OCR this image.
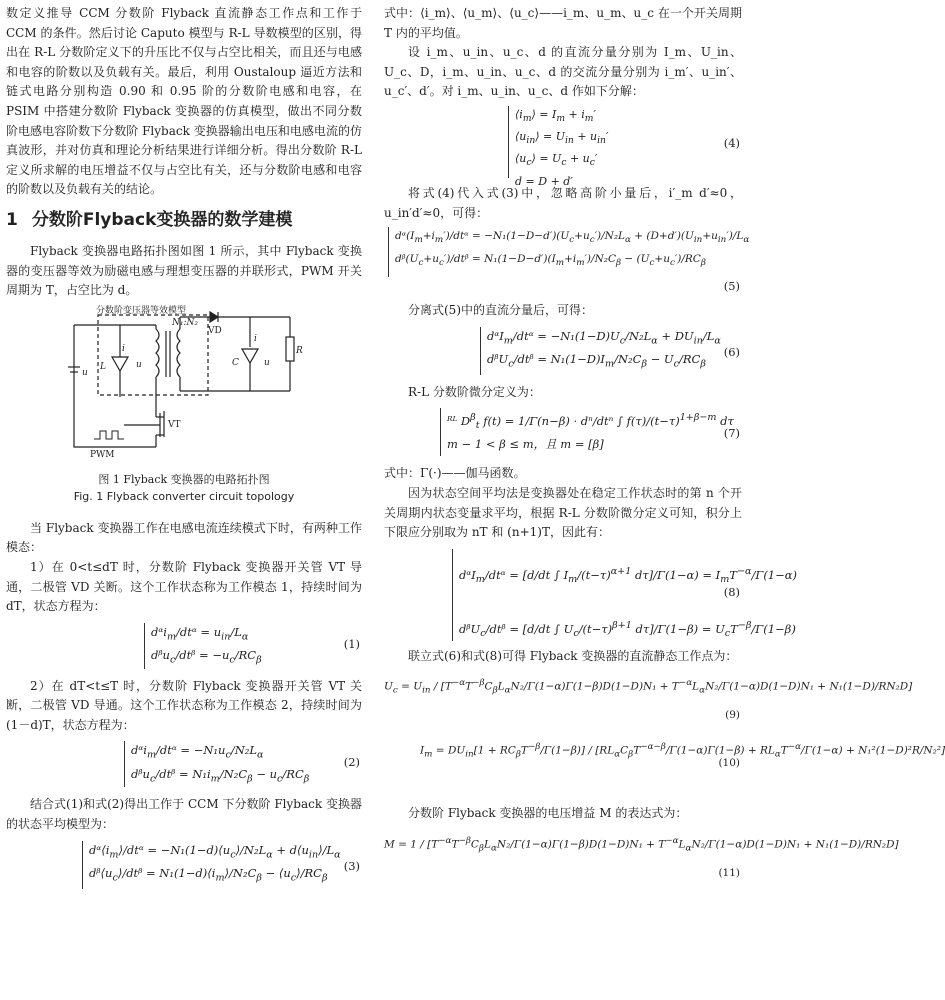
数定义推导 CCM 分数阶 Flyback 直流静态工作点和工作于 CCM 的条件。然后讨论 Caputo 模型与 R-L 导数模型的区别，得出在 R-L 分数阶定义下的升压比不仅与占空比相关，而且还与电感和电容的阶数以及负载有关。最后，利用 Oustaloup 逼近方法和链式电路分别构造 0.90 和 0.95 阶的分数阶电感和电容，在 PSIM 中搭建分数阶 Flyback 变换器的仿真模型，做出不同分数阶电感电容阶数下分数阶 Flyback 变换器输出电压和电感电流的仿真波形，并对仿真和理论分析结果进行详细分析。得出分数阶 R-L 定义所求解的电压增益不仅与占空比有关，还与分数阶电感和电容的阶数以及负载有关的结论。

1 分数阶Flyback变换器的数学建模

Flyback 变换器电路拓扑图如图 1 所示，其中 Flyback 变换器的变压器等效为励磁电感与理想变压器的并联形式，PWM 开关周期为 T，占空比为 d。

分数阶变压器等效模型
N₁:N₂
VD
VT
PWM
R
u
i
L	u
i
C	u
图 1 Flyback 变换器的电路拓扑图
Fig. 1 Flyback converter circuit topology

当 Flyback 变换器工作在电感电流连续模式下时，有两种工作模态：

1）在 0<t≤dT 时，分数阶 Flyback 变换器开关管 VT 导通，二极管 VD 关断。这个工作状态称为工作模态 1，持续时间为 dT，状态方程为：

dᵅi$_m$/dtᵅ = $u_{in}/L_\alpha$
dᵝu$_c$/dtᵝ = $-u_c/RC_\beta$
(1)

2）在 dT<t≤T 时，分数阶 Flyback 变换器开关管 VT 关断，二极管 VD 导通。这个工作状态称为工作模态 2，持续时间为 (1－d)T，状态方程为：

dᵅi$_m$/dtᵅ = $-N_1u_c/N_2L_\alpha$
dᵝu$_c$/dtᵝ = $N_1i_m/N_2C_\beta - u_c/RC_\beta$
(2)

结合式(1)和式(2)得出工作于 CCM 下分数阶 Flyback 变换器的状态平均模型为：

$dᵅ⟨i_m⟩$/dtᵅ = $-N_1(1-d)⟨u_c⟩/N_2L_\alpha$ + $d⟨u_{in}⟩/L_\alpha$
$dᵝ⟨u_c⟩$/dtᵝ = $N_1(1-d)⟨i_m⟩/N_2C_\beta$ − $⟨u_c⟩/RC_\beta$
(3)

式中：⟨i_m⟩、⟨u_m⟩、⟨u_c⟩——i_m、u_m、u_c 在一个开关周期 T 内的平均值。

设 i_m、u_in、u_c、d 的直流分量分别为 I_m、U_in、U_c、D，i_m、u_in、u_c、d 的交流分量分别为 i_m′、u_in′、u_c′、d′。对 i_m、u_in、u_c、d 作如下分解：

$⟨i_m⟩ = I_m + i_m'$
$⟨u_{in}⟩ = U_{in} + u_{in}'$
$⟨u_c⟩ = U_c + u_c'$
d = D + d′
(4)

将式(4)代入式(3)中，忽略高阶小量后，i′_m d′≈0，u_in′d′≈0，可得：

$dᵅ(I_m+i_m')$/dtᵅ = $-N_1(1-D-d')(U_c+u_c')/N_2L_\alpha + (D+d')(U_{in}+u_{in}')/L_\alpha$
$dᵝ(U_c+u_c')$/dtᵝ = $N_1(1-D-d')(I_m+i_m')/N_2C_\beta - (U_c+u_c')/RC_\beta$
(5)

分离式(5)中的直流分量后，可得：

dᵅI$_m$/dtᵅ = $-N_1(1-D)U_c/N_2L_\alpha + DU_{in}/L_\alpha$
dᵝU$_c$/dtᵝ = $N_1(1-D)I_m/N_2C_\beta - U_c/RC_\beta$
(6)

R-L 分数阶微分定义为：

ᴿᴸ $D^\beta_t$ f(t) = 1/Γ(n−β) · dⁿ/dtⁿ ∫ $f(\tau)/(t-\tau)^{1+\beta-m}$ dτ
m − 1 < β ≤ m，且 m = [β]
(7)

式中：Γ(·)——伽马函数。

因为状态空间平均法是变换器处在稳定工作状态时的第 n 个开关周期内状态变量求平均，根据 R-L 分数阶微分定义可知，积分上下限应分别取为 nT 和 (n+1)T，因此有：

dᵅI$_m$/dtᵅ = [d/dt ∫ $I_m/(t-\tau)^{\alpha+1}$ $d\tau]/\Gamma(1-\alpha) = I_mT^{-\alpha}/\Gamma(1-\alpha)$
dᵝU$_c$/dtᵝ = [d/dt ∫ $U_c/(t-\tau)^{\beta+1}$ $d\tau]/\Gamma(1-\beta) = U_cT^{-\beta}/\Gamma(1-\beta)$
(8)

联立式(6)和式(8)可得 Flyback 变换器的直流静态工作点为：

$U_c = U_{in} / [T^{-\alpha}T^{-\beta}C_\beta L_\alpha N_2/\Gamma(1-\alpha)\Gamma(1-\beta)D(1-D)N_1 + T^{-\alpha}L_\alpha N_2/\Gamma(1-\alpha)D(1-D)N_1 + N_1(1-D)/RN_2D]$
(9)
$I_m = DU_{in}[1 + RC_\beta T^{-\beta}/\Gamma(1-\beta)] / [RL_\alpha C_\beta T^{-\alpha-\beta}/\Gamma(1-\alpha)\Gamma(1-\beta) + RL_\alpha T^{-\alpha}/\Gamma(1-\alpha) + N_1^2(1-D)^2R/N_2^2]$
(10)

分数阶 Flyback 变换器的电压增益 M 的表达式为：

$M = 1 / [T^{-\alpha}T^{-\beta}C_\beta L_\alpha N_2/\Gamma(1-\alpha)\Gamma(1-\beta)D(1-D)N_1 + T^{-\alpha}L_\alpha N_2/\Gamma(1-\alpha)D(1-D)N_1 + N_1(1-D)/RN_2D]$
(11)
